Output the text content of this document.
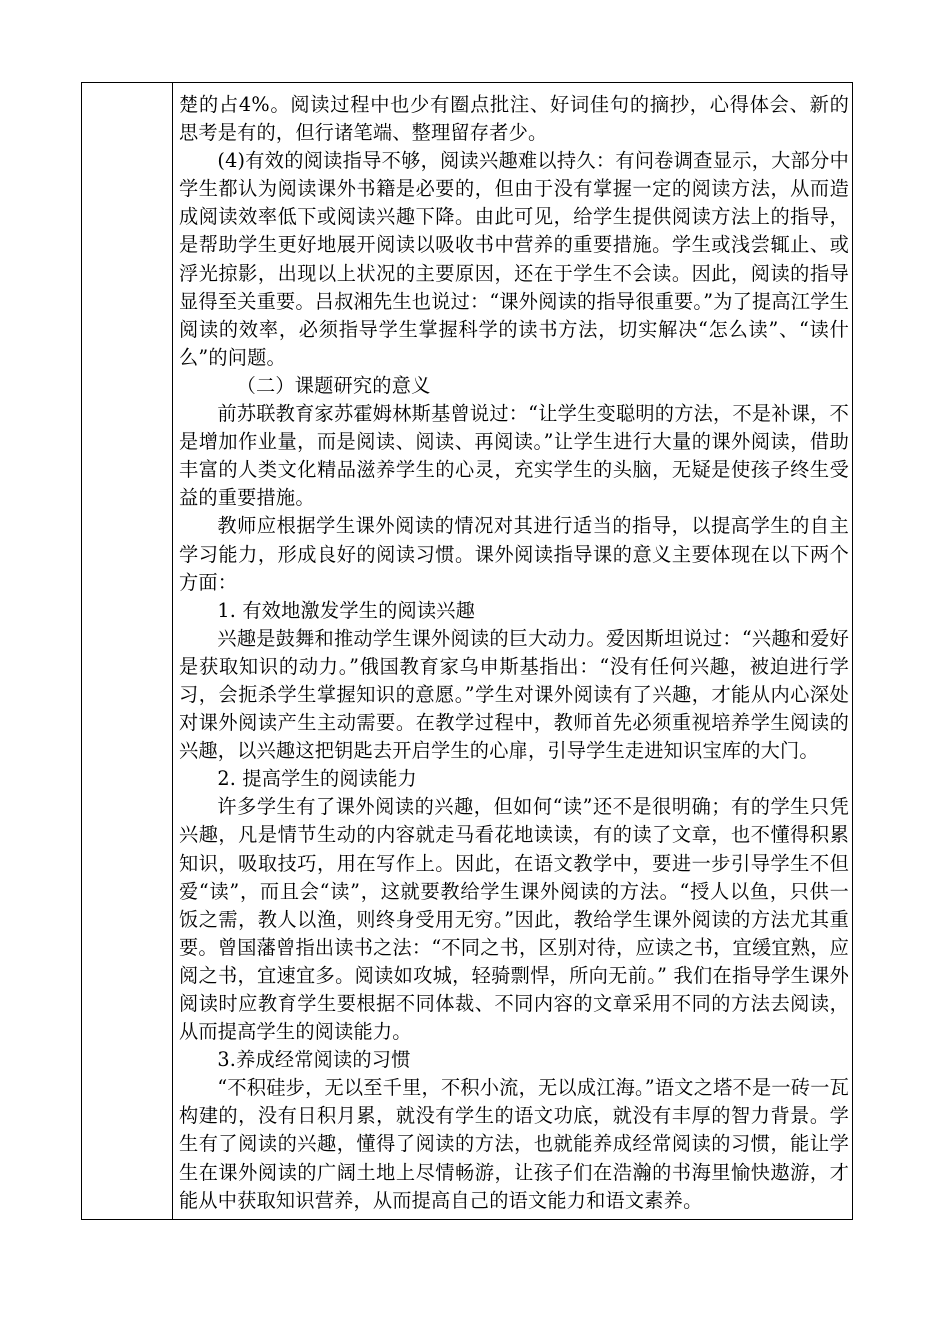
楚的占4%。阅读过程中也少有圈点批注、好词佳句的摘抄，心得体会、新的思考是有的，但行诸笔端、整理留存者少。

(4)有效的阅读指导不够，阅读兴趣难以持久：有问卷调查显示，大部分中学生都认为阅读课外书籍是必要的，但由于没有掌握一定的阅读方法，从而造成阅读效率低下或阅读兴趣下降。由此可见，给学生提供阅读方法上的指导，是帮助学生更好地展开阅读以吸收书中营养的重要措施。学生或浅尝辄止、或浮光掠影，出现以上状况的主要原因，还在于学生不会读。因此，阅读的指导显得至关重要。吕叔湘先生也说过：“课外阅读的指导很重要。”为了提高江学生阅读的效率，必须指导学生掌握科学的读书方法，切实解决“怎么读”、“读什么”的问题。

（二）课题研究的意义

前苏联教育家苏霍姆林斯基曾说过：“让学生变聪明的方法，不是补课，不是增加作业量，而是阅读、阅读、再阅读。”让学生进行大量的课外阅读，借助丰富的人类文化精品滋养学生的心灵，充实学生的头脑，无疑是使孩子终生受益的重要措施。

教师应根据学生课外阅读的情况对其进行适当的指导，以提高学生的自主学习能力，形成良好的阅读习惯。课外阅读指导课的意义主要体现在以下两个方面：

1. 有效地激发学生的阅读兴趣

兴趣是鼓舞和推动学生课外阅读的巨大动力。爱因斯坦说过：“兴趣和爱好是获取知识的动力。”俄国教育家乌申斯基指出：“没有任何兴趣，被迫进行学习，会扼杀学生掌握知识的意愿。”学生对课外阅读有了兴趣，才能从内心深处对课外阅读产生主动需要。在教学过程中，教师首先必须重视培养学生阅读的兴趣，以兴趣这把钥匙去开启学生的心扉，引导学生走进知识宝库的大门。

2. 提高学生的阅读能力

许多学生有了课外阅读的兴趣，但如何“读”还不是很明确；有的学生只凭兴趣，凡是情节生动的内容就走马看花地读读，有的读了文章，也不懂得积累知识，吸取技巧，用在写作上。因此，在语文教学中，要进一步引导学生不但爱“读”，而且会“读”，这就要教给学生课外阅读的方法。“授人以鱼，只供一饭之需，教人以渔，则终身受用无穷。”因此，教给学生课外阅读的方法尤其重要。曾国藩曾指出读书之法：“不同之书，区别对待，应读之书，宜缓宜熟，应阅之书，宜速宜多。阅读如攻城，轻骑剽悍，所向无前。” 我们在指导学生课外阅读时应教育学生要根据不同体裁、不同内容的文章采用不同的方法去阅读，从而提高学生的阅读能力。

3.养成经常阅读的习惯

“不积硅步，无以至千里，不积小流，无以成江海。”语文之塔不是一砖一瓦构建的，没有日积月累，就没有学生的语文功底，就没有丰厚的智力背景。学生有了阅读的兴趣，懂得了阅读的方法，也就能养成经常阅读的习惯，能让学生在课外阅读的广阔土地上尽情畅游，让孩子们在浩瀚的书海里愉快遨游，才能从中获取知识营养，从而提高自己的语文能力和语文素养。
